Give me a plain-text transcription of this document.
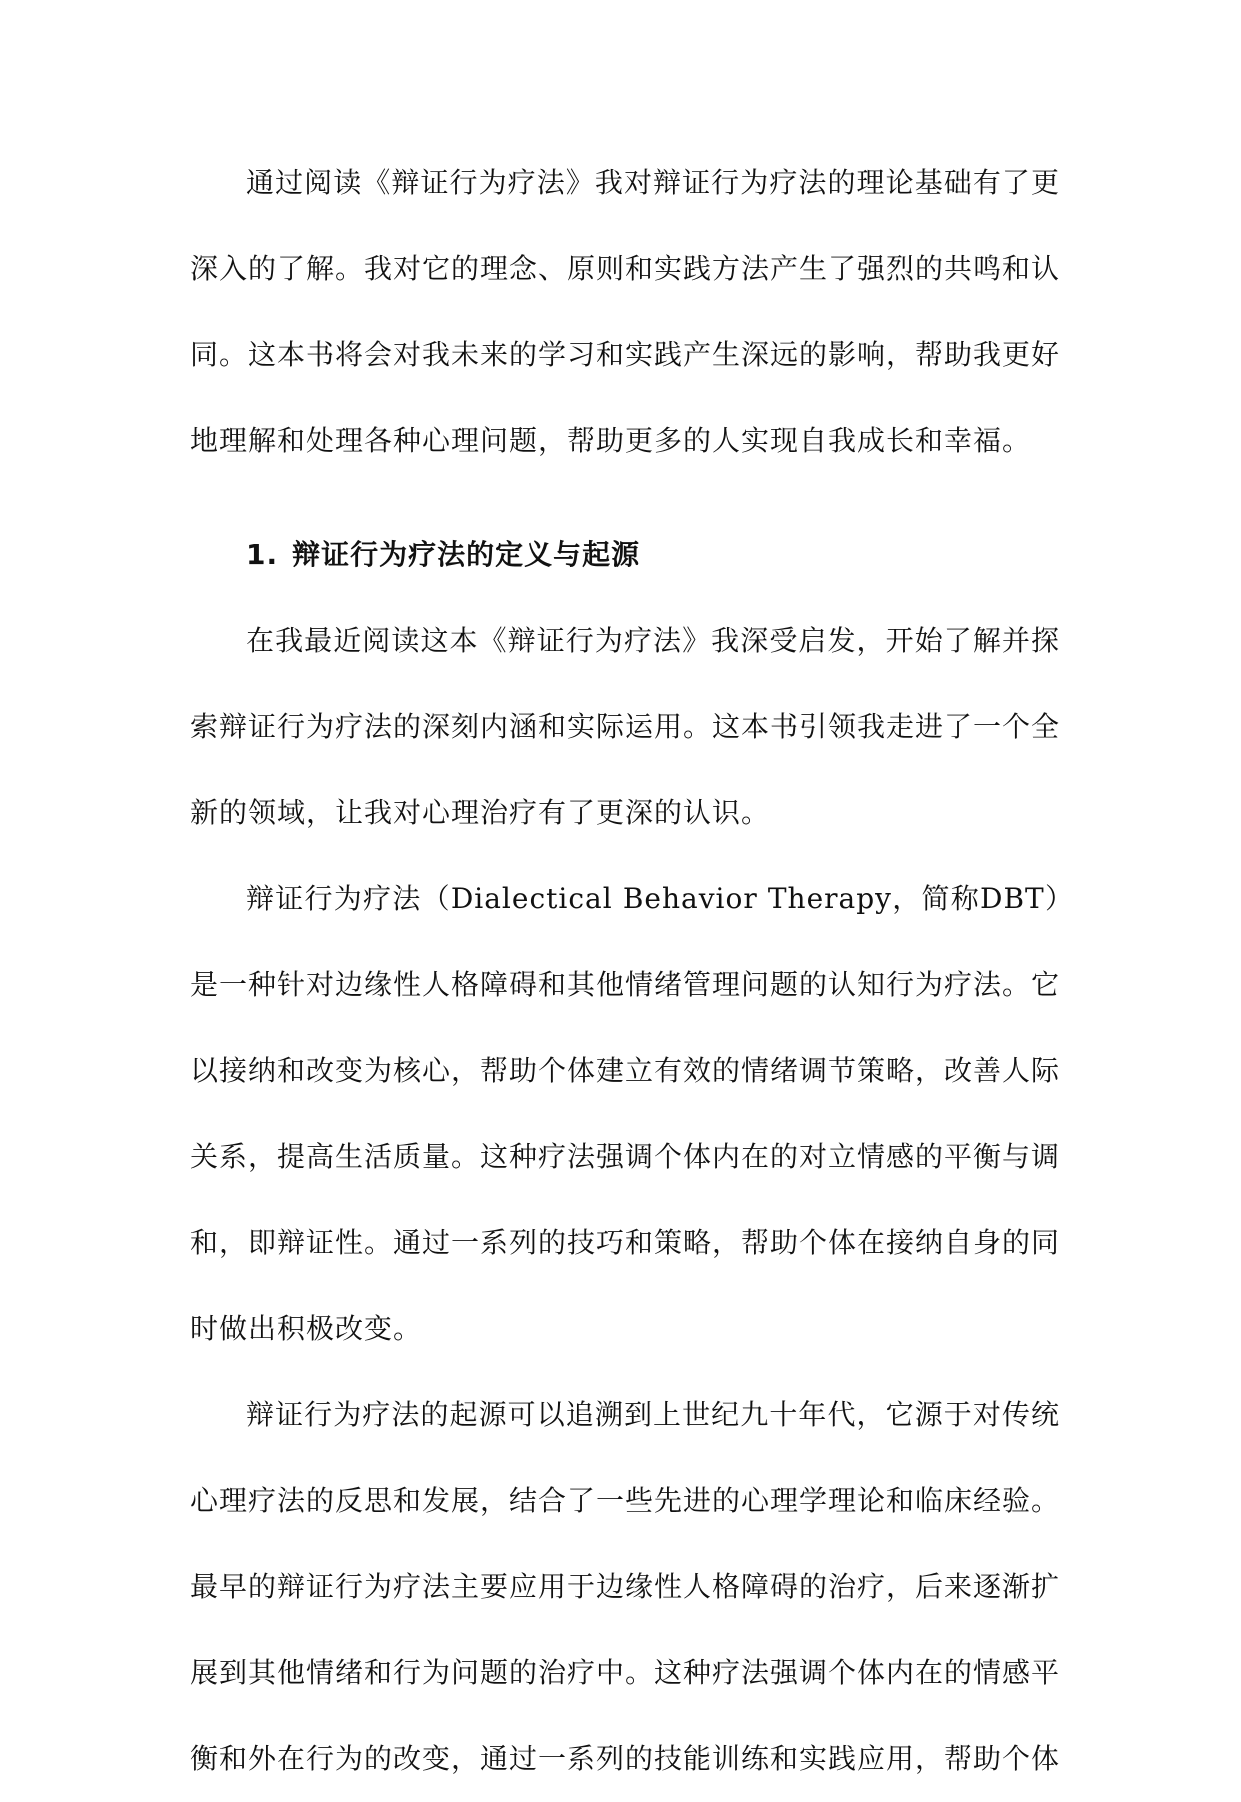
通过阅读《辩证行为疗法》我对辩证行为疗法的理论基础有了更深入的了解。我对它的理念、原则和实践方法产生了强烈的共鸣和认同。这本书将会对我未来的学习和实践产生深远的影响，帮助我更好地理解和处理各种心理问题，帮助更多的人实现自我成长和幸福。

1. 辩证行为疗法的定义与起源

在我最近阅读这本《辩证行为疗法》我深受启发，开始了解并探索辩证行为疗法的深刻内涵和实际运用。这本书引领我走进了一个全新的领域，让我对心理治疗有了更深的认识。

辩证行为疗法（Dialectical Behavior Therapy，简称DBT）是一种针对边缘性人格障碍和其他情绪管理问题的认知行为疗法。它以接纳和改变为核心，帮助个体建立有效的情绪调节策略，改善人际关系，提高生活质量。这种疗法强调个体内在的对立情感的平衡与调和，即辩证性。通过一系列的技巧和策略，帮助个体在接纳自身的同时做出积极改变。

辩证行为疗法的起源可以追溯到上世纪九十年代，它源于对传统心理疗法的反思和发展，结合了一些先进的心理学理论和临床经验。最早的辩证行为疗法主要应用于边缘性人格障碍的治疗，后来逐渐扩展到其他情绪和行为问题的治疗中。这种疗法强调个体内在的情感平衡和外在行为的改变，通过一系列的技能训练和实践应用，帮助个体
